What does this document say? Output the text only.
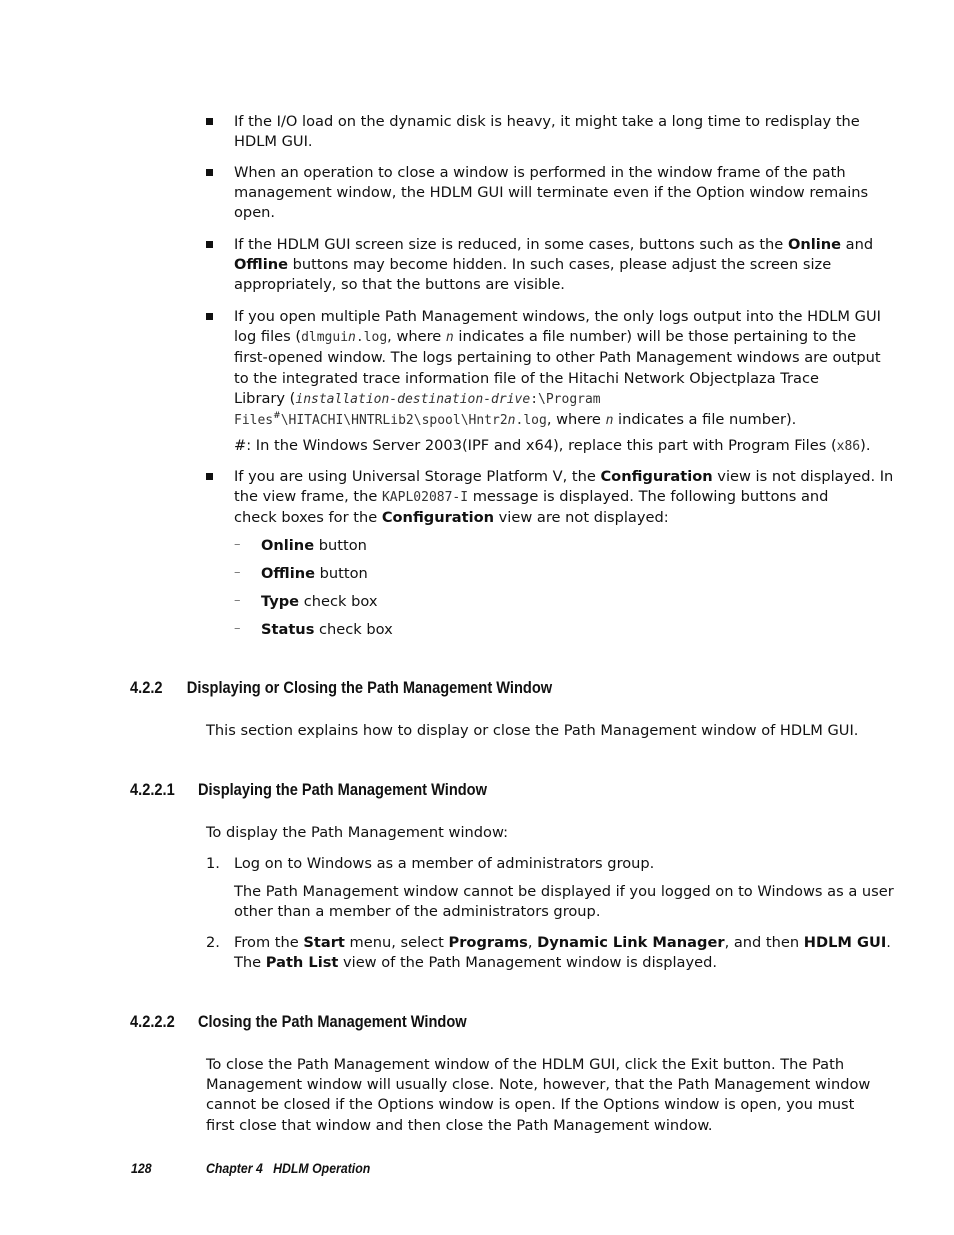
If the I/O load on the dynamic disk is heavy, it might take a long time to redisplay the
HDLM GUI.
When an operation to close a window is performed in the window frame of the path
management window, the HDLM GUI will terminate even if the Option window remains
open.
If the HDLM GUI screen size is reduced, in some cases, buttons such as the Online and
Offline buttons may become hidden. In such cases, please adjust the screen size
appropriately, so that the buttons are visible.
If you open multiple Path Management windows, the only logs output into the HDLM GUI
log files (dlmguin.log, where n indicates a file number) will be those pertaining to the
first-opened window. The logs pertaining to other Path Management windows are output
to the integrated trace information file of the Hitachi Network Objectplaza Trace
Library (installation-destination-drive:\Program
Files#\HITACHI\HNTRLib2\spool\Hntr2n.log, where n indicates a file number).
#: In the Windows Server 2003(IPF and x64), replace this part with Program Files (x86).
If you are using Universal Storage Platform V, the Configuration view is not displayed. In
the view frame, the KAPL02087-I message is displayed. The following buttons and
check boxes for the Configuration view are not displayed:
– Online button
– Offline button
– Type check box
– Status check box
4.2.2 Displaying or Closing the Path Management Window
This section explains how to display or close the Path Management window of HDLM GUI.
4.2.2.1 Displaying the Path Management Window
To display the Path Management window:
1. Log on to Windows as a member of administrators group.
The Path Management window cannot be displayed if you logged on to Windows as a user
other than a member of the administrators group.
2. From the Start menu, select Programs, Dynamic Link Manager, and then HDLM GUI.
The Path List view of the Path Management window is displayed.
4.2.2.2 Closing the Path Management Window
To close the Path Management window of the HDLM GUI, click the Exit button. The Path
Management window will usually close. Note, however, that the Path Management window
cannot be closed if the Options window is open. If the Options window is open, you must
first close that window and then close the Path Management window.
128	Chapter 4   HDLM Operation
